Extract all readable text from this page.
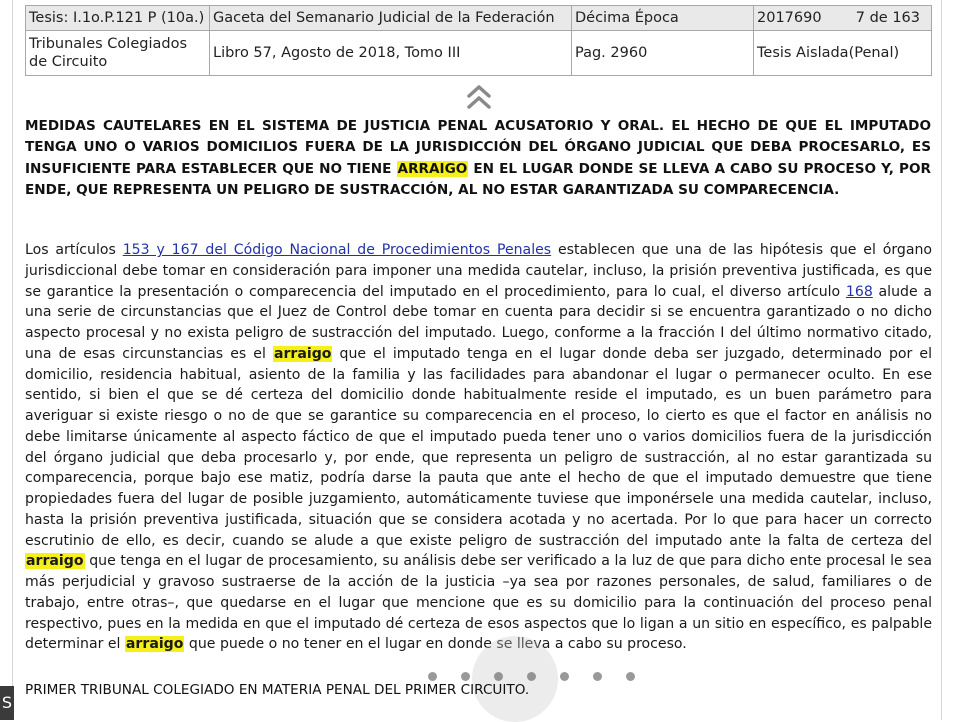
Tesis: I.1o.P.121 P (10a.)	Gaceta del Semanario Judicial de la Federación	Décima Época	2017690 7 de 163

Tribunales Colegiados de Circuito	Libro 57, Agosto de 2018, Tomo III	Pag. 2960	Tesis Aislada(Penal)
MEDIDAS CAUTELARES EN EL SISTEMA DE JUSTICIA PENAL ACUSATORIO Y ORAL. EL HECHO DE QUE EL IMPUTADO TENGA UNO O VARIOS DOMICILIOS FUERA DE LA JURISDICCIÓN DEL ÓRGANO JUDICIAL QUE DEBA PROCESARLO, ES INSUFICIENTE PARA ESTABLECER QUE NO TIENE ARRAIGO EN EL LUGAR DONDE SE LLEVA A CABO SU PROCESO Y, POR ENDE, QUE REPRESENTA UN PELIGRO DE SUSTRACCIÓN, AL NO ESTAR GARANTIZADA SU COMPARECENCIA.
Los artículos 153 y 167 del Código Nacional de Procedimientos Penales establecen que una de las hipótesis que el órgano jurisdiccional debe tomar en consideración para imponer una medida cautelar, incluso, la prisión preventiva justificada, es que se garantice la presentación o comparecencia del imputado en el procedimiento, para lo cual, el diverso artículo 168 alude a una serie de circunstancias que el Juez de Control debe tomar en cuenta para decidir si se encuentra garantizado o no dicho aspecto procesal y no exista peligro de sustracción del imputado. Luego, conforme a la fracción I del último normativo citado, una de esas circunstancias es el arraigo que el imputado tenga en el lugar donde deba ser juzgado, determinado por el domicilio, residencia habitual, asiento de la familia y las facilidades para abandonar el lugar o permanecer oculto. En ese sentido, si bien el que se dé certeza del domicilio donde habitualmente reside el imputado, es un buen parámetro para averiguar si existe riesgo o no de que se garantice su comparecencia en el proceso, lo cierto es que el factor en análisis no debe limitarse únicamente al aspecto fáctico de que el imputado pueda tener uno o varios domicilios fuera de la jurisdicción del órgano judicial que deba procesarlo y, por ende, que representa un peligro de sustracción, al no estar garantizada su comparecencia, porque bajo ese matiz, podría darse la pauta que ante el hecho de que el imputado demuestre que tiene propiedades fuera del lugar de posible juzgamiento, automáticamente tuviese que imponérsele una medida cautelar, incluso, hasta la prisión preventiva justificada, situación que se considera acotada y no acertada. Por lo que para hacer un correcto escrutinio de ello, es decir, cuando se alude a que existe peligro de sustracción del imputado ante la falta de certeza del arraigo que tenga en el lugar de procesamiento, su análisis debe ser verificado a la luz de que para dicho ente procesal le sea más perjudicial y gravoso sustraerse de la acción de la justicia –ya sea por razones personales, de salud, familiares o de trabajo, entre otras–, que quedarse en el lugar que mencione que es su domicilio para la continuación del proceso penal respectivo, pues en la medida en que el imputado dé certeza de esos aspectos que lo ligan a un sitio en específico, es palpable determinar el arraigo que puede o no tener en el lugar en donde se lleva a cabo su proceso.
PRIMER TRIBUNAL COLEGIADO EN MATERIA PENAL DEL PRIMER CIRCUITO.
S
